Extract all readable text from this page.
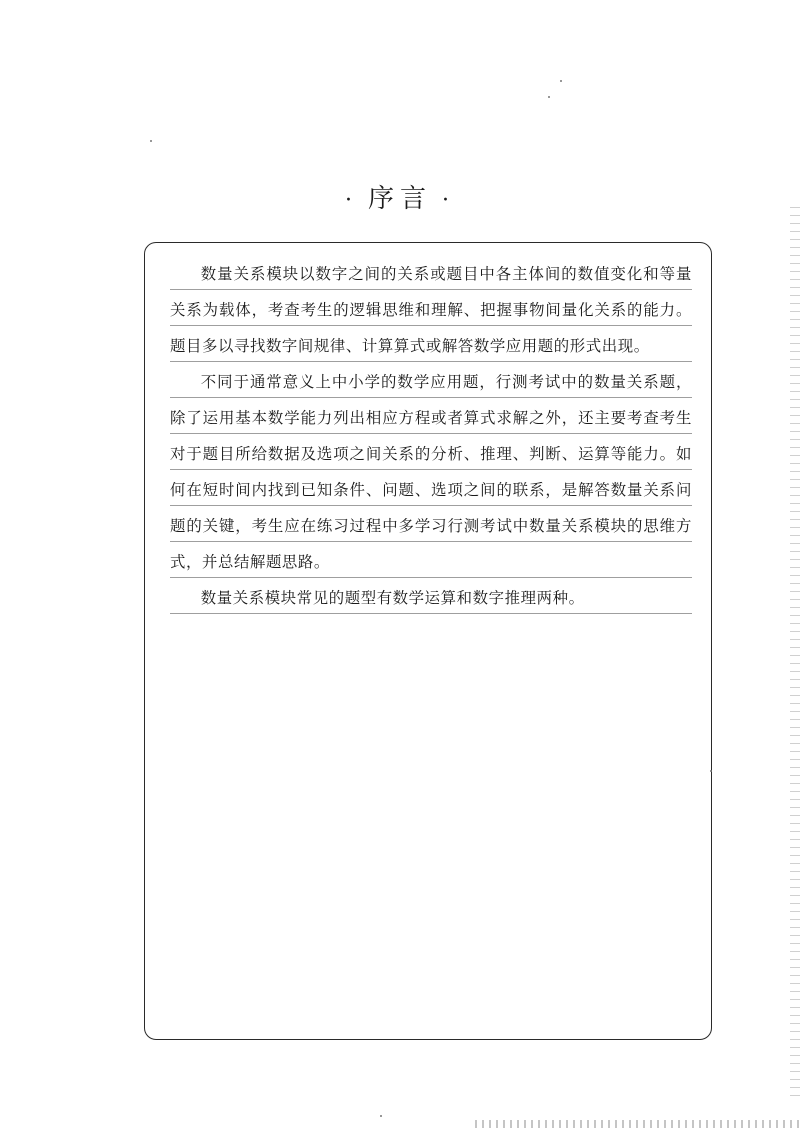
· 序言 ·

数量关系模块以数字之间的关系或题目中各主体间的数值变化和等量关系为载体，考查考生的逻辑思维和理解、把握事物间量化关系的能力。题目多以寻找数字间规律、计算算式或解答数学应用题的形式出现。

不同于通常意义上中小学的数学应用题，行测考试中的数量关系题，除了运用基本数学能力列出相应方程或者算式求解之外，还主要考查考生对于题目所给数据及选项之间关系的分析、推理、判断、运算等能力。如何在短时间内找到已知条件、问题、选项之间的联系，是解答数量关系问题的关键，考生应在练习过程中多学习行测考试中数量关系模块的思维方式，并总结解题思路。

数量关系模块常见的题型有数学运算和数字推理两种。
